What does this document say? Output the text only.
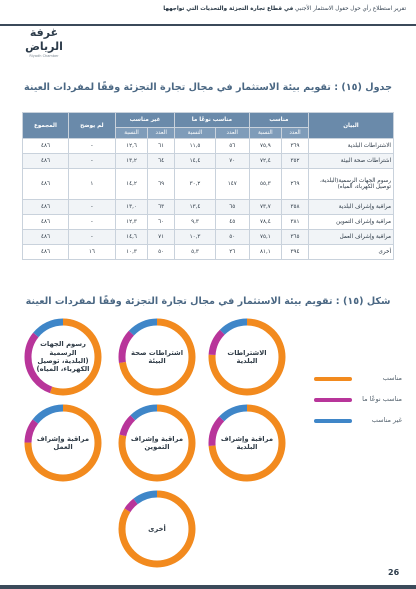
تقرير استطلاع رأي حول حقول الاستثمار الأجنبي في قطاع تجارة التجزئة والتحديات التي تواجهها
غرفة الرياض
Riyadh Chamber
جدول (١٥) : تقويم بيئة الاستثمار في مجال تجارة التجزئة وفقًا لمفردات العينة
البيان	مناسب		مناسب نوعًا ما		غير مناسب		لم يوضح	المجموع
	العدد	النسبة	العدد	النسبة	العدد	النسبة		
الاشتراطات البلدية	٣٦٩	٧٥,٩	٥٦	١١,٥	٦١	١٢,٦	-	٤٨٦
اشتراطات صحة البيئة	٣٥٢	٧٢,٤	٧٠	١٤,٤	٦٤	١٣,٢	-	٤٨٦
رسوم الجهات الرسمية(البلدية، توصيل الكهرباء، المياه)	٢٦٩	٥٥,٣	١٤٧	٣٠,٢	٦٩	١٤,٢	١	٤٨٦
مراقبة وإشراف البلدية	٣٥٨	٧٣,٧	٦٥	١٣,٤	٦٣	١٣,٠	-	٤٨٦
مراقبة وإشراف التموين	٣٨١	٧٨,٤	٤٥	٩,٣	٦٠	١٢,٣	-	٤٨٦
مراقبة وإشراف العمل	٣٦٥	٧٥,١	٥٠	١٠,٣	٧١	١٤,٦	-	٤٨٦
أخرى	٣٩٤	٨١,١	٢٦	٥,٣	٥٠	١٠,٣	١٦	٤٨٦
شكل (١٥) : تقويم بيئة الاستثمار في مجال تجارة التجزئة وفقًا لمفردات العينة
الاشتراطات البلدية
اشتراطات صحة البيئة
رسوم الجهات الرسمية (البلدية، توصيل الكهرباء، المياه)
مراقبة وإشراف البلدية
مراقبة وإشراف التموين
مراقبة وإشراف العمل
أخرى
مناسب
مناسب نوعًا ما
غير مناسب
26
